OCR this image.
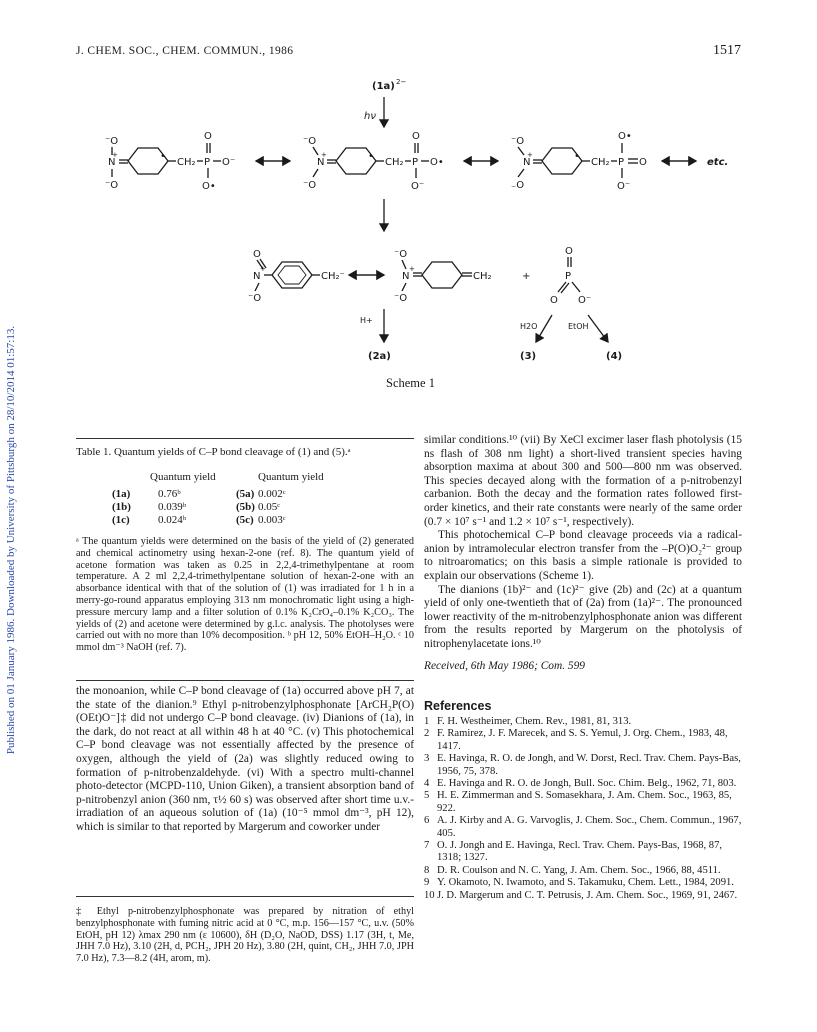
Published on 01 January 1986. Downloaded by University of Pittsburgh on 28/10/2014 01:57:13.
J. CHEM. SOC., CHEM. COMMUN., 1986	1517
(1a) 2−
hν
⁻O
N
+
⁻O
•
CH₂ P
O
O•
O⁻
⁻O
N
+
⁻O
•
CH₂ P
O
O⁻
O•
⁻O
N
+
₋O
•
CH₂ P
O•
O⁻
O	etc.
O
N
+
⁻O
CH₂⁻
⁻O
N
+
⁻O
CH₂	+
O
P
O O⁻
H+
H2O	EtOH
(2a)	(3)	(4)
Scheme 1
Table 1. Quantum yields of C–P bond cleavage of (1) and (5).ᵃ
Quantum yield	Quantum yield
(1a)	0.76ᵇ	(5a) 0.002ᶜ
(1b) 0.039ᵇ	(5b) 0.05ᶜ
(1c)	0.024ᵇ	(5c) 0.003ᶜ
ᵃ The quantum yields were determined on the basis of the yield of (2) generated and chemical actinometry using hexan-2-one (ref. 8). The quantum yield of acetone formation was taken as 0.25 in 2,2,4-trimethylpentane at room temperature. A 2 ml 2,2,4-trimethylpentane solution of hexan-2-one with an absorbance identical with that of the solution of (1) was irradiated for 1 h in a merry-go-round apparatus employing 313 nm monochromatic light using a high-pressure mercury lamp and a filter solution of 0.1% K₂CrO₄–0.1% K₂CO₃. The yields of (2) and acetone were determined by g.l.c. analysis. The photolyses were carried out with no more than 10% decomposition. ᵇ pH 12, 50% EtOH–H₂O. ᶜ 10 mmol dm⁻³ NaOH (ref. 7).
the monoanion, while C–P bond cleavage of (1a) occurred above pH 7, at the state of the dianion.⁹ Ethyl p-nitrobenzylphosphonate [ArCH₂P(O)(OEt)O⁻]‡ did not undergo C–P bond cleavage. (iv) Dianions of (1a), in the dark, do not react at all within 48 h at 40 °C. (v) This photochemical C–P bond cleavage was not essentially affected by the presence of oxygen, although the yield of (2a) was slightly reduced owing to formation of p-nitrobenzaldehyde. (vi) With a spectro multi-channel photo-detector (MCPD-110, Union Giken), a transient absorption band of p-nitrobenzyl anion (360 nm, τ½ 60 s) was observed after short time u.v.-irradiation of an aqueous solution of (1a) (10⁻⁵ mmol dm⁻³, pH 12), which is similar to that reported by Margerum and coworker under
‡ Ethyl p-nitrobenzylphosphonate was prepared by nitration of ethyl benzylphosphonate with fuming nitric acid at 0 °C, m.p. 156—157 °C, u.v. (50% EtOH, pH 12) λmax 290 nm (ε 10600), δH (D₂O, NaOD, DSS) 1.17 (3H, t, Me, JHH 7.0 Hz), 3.10 (2H, d, PCH₂, JPH 20 Hz), 3.80 (2H, quint, CH₂, JHH 7.0, JPH 7.0 Hz), 7.3—8.2 (4H, arom, m).

similar conditions.¹⁰ (vii) By XeCl excimer laser flash photolysis (15 ns flash of 308 nm light) a short-lived transient species having absorption maxima at about 300 and 500—800 nm was observed. This species decayed along with the formation of a p-nitrobenzyl carbanion. Both the decay and the formation rates followed first-order kinetics, and their rate constants were nearly of the same order (0.7 × 10⁷ s⁻¹ and 1.2 × 10⁷ s⁻¹, respectively).

This photochemical C–P bond cleavage proceeds via a radical-anion by intramolecular electron transfer from the –P(O)O₂²⁻ group to nitroaromatics; on this basis a simple rationale is provided to explain our observations (Scheme 1).

The dianions (1b)²⁻ and (1c)²⁻ give (2b) and (2c) at a quantum yield of only one-twentieth that of (2a) from (1a)²⁻. The pronounced lower reactivity of the m-nitrobenzylphosphonate anion was different from the results reported by Margerum on the photolysis of nitrophenylacetate ions.¹⁰

Received, 6th May 1986; Com. 599
References
1 F. H. Westheimer, Chem. Rev., 1981, 81, 313.
2 F. Ramirez, J. F. Marecek, and S. S. Yemul, J. Org. Chem., 1983, 48, 1417.
3 E. Havinga, R. O. de Jongh, and W. Dorst, Recl. Trav. Chem. Pays-Bas, 1956, 75, 378.
4 E. Havinga and R. O. de Jongh, Bull. Soc. Chim. Belg., 1962, 71, 803.
5 H. E. Zimmerman and S. Somasekhara, J. Am. Chem. Soc., 1963, 85, 922.
6 A. J. Kirby and A. G. Varvoglis, J. Chem. Soc., Chem. Commun., 1967, 405.
7 O. J. Jongh and E. Havinga, Recl. Trav. Chem. Pays-Bas, 1968, 87, 1318; 1327.
8 D. R. Coulson and N. C. Yang, J. Am. Chem. Soc., 1966, 88, 4511.
9 Y. Okamoto, N. Iwamoto, and S. Takamuku, Chem. Lett., 1984, 2091.
10 J. D. Margerum and C. T. Petrusis, J. Am. Chem. Soc., 1969, 91, 2467.
